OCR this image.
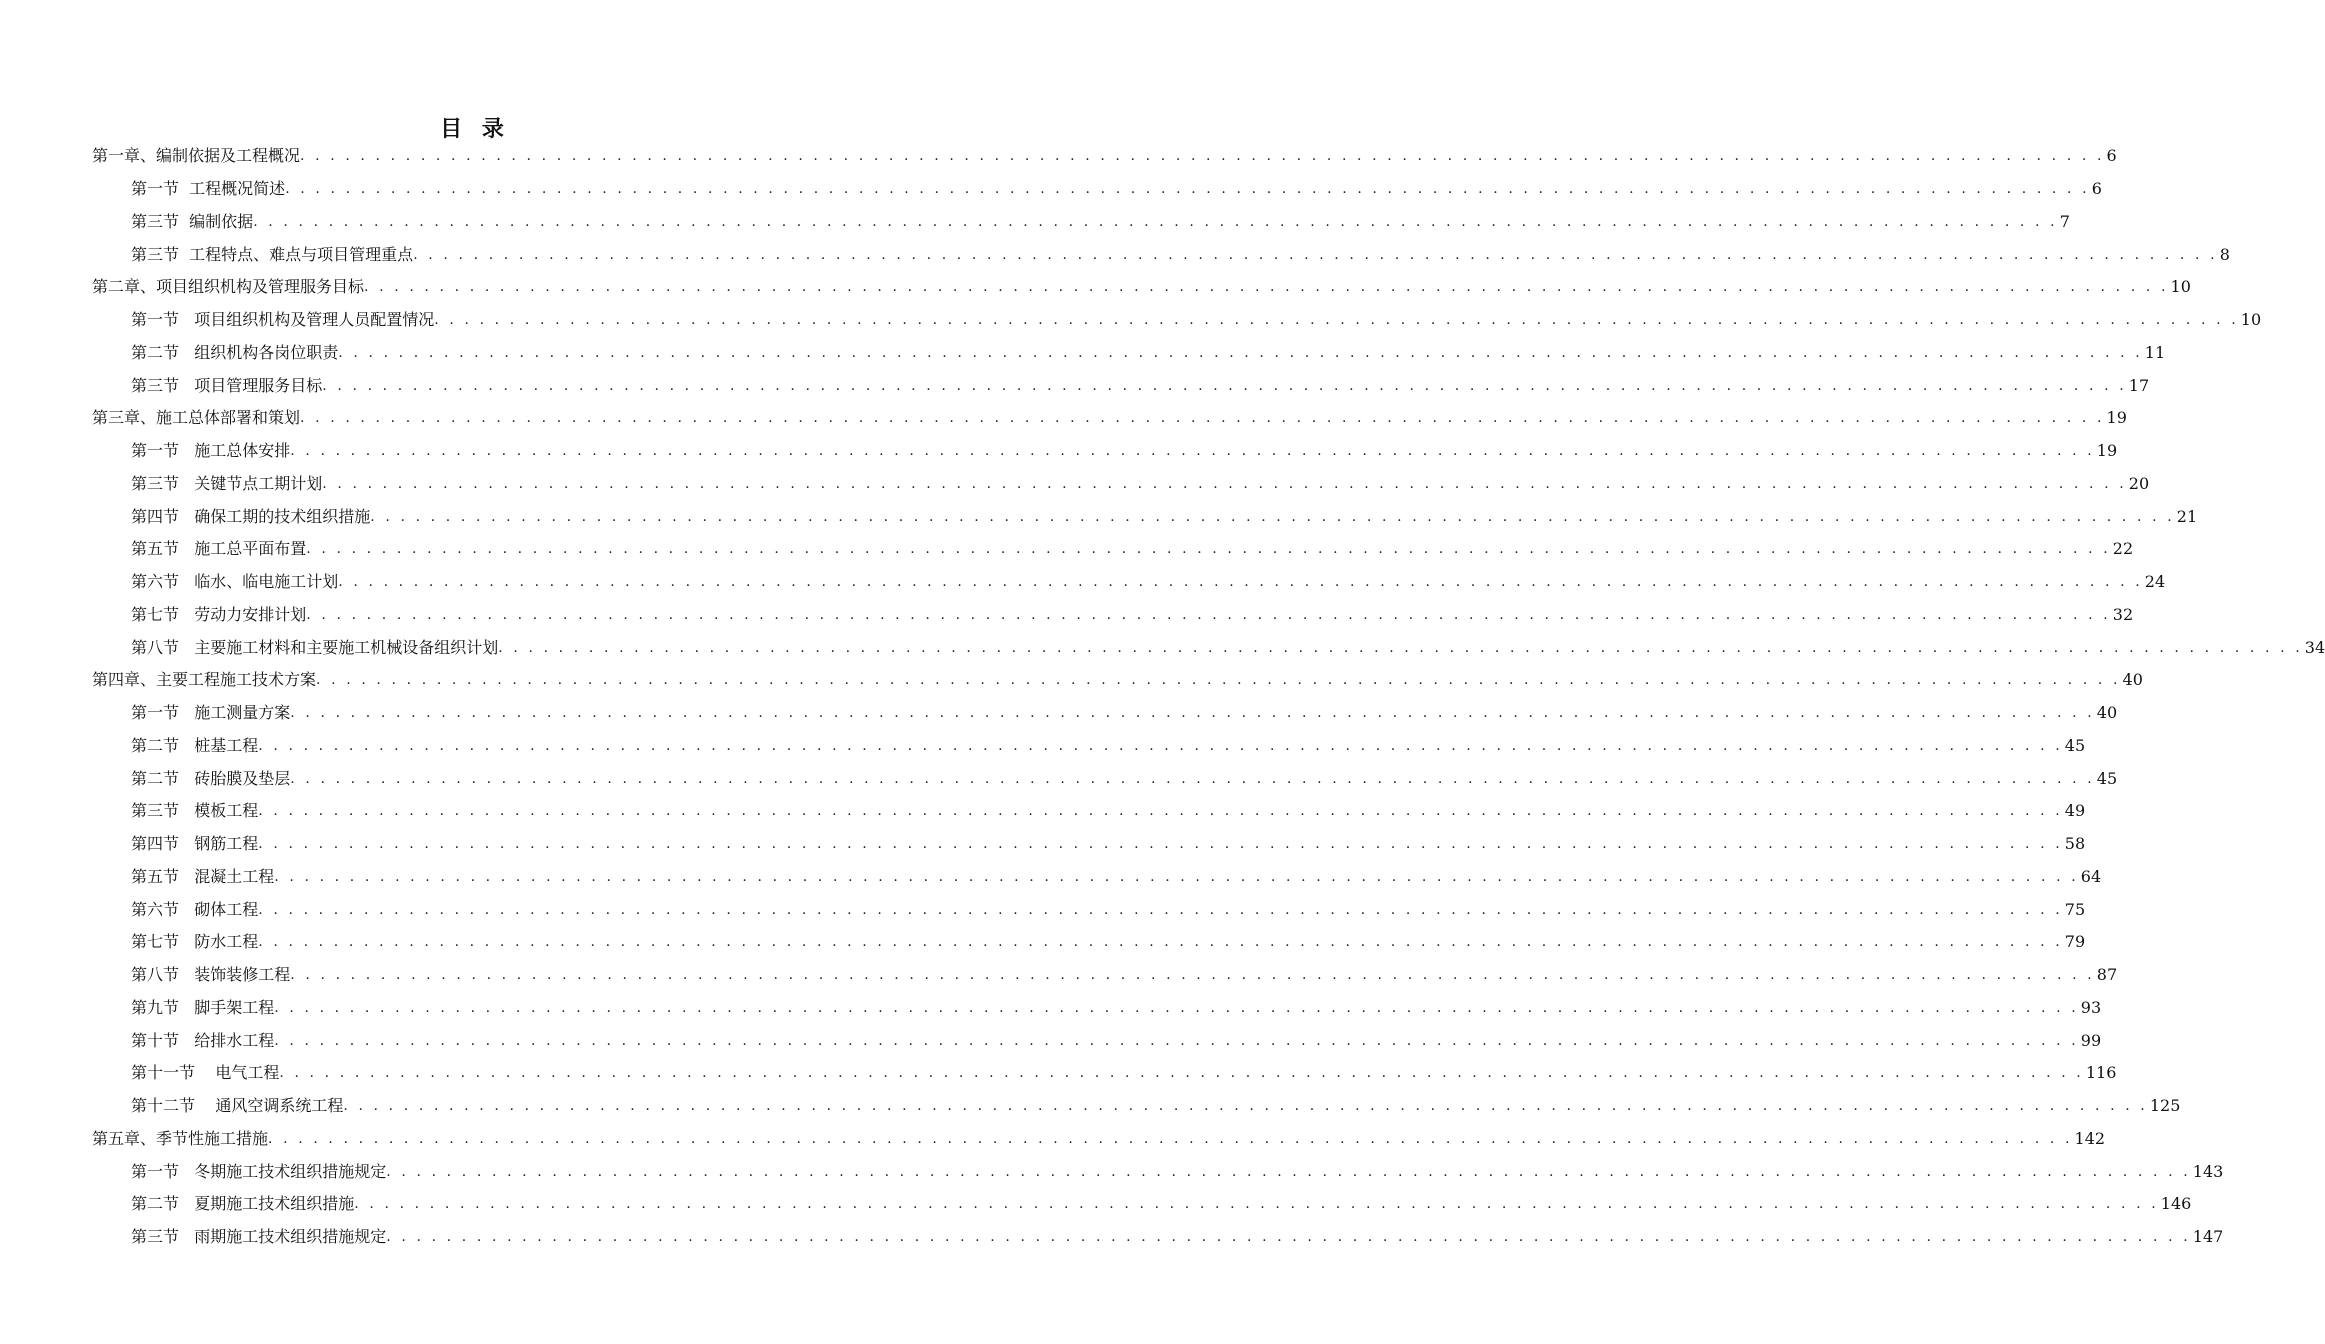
目 录
第一章、编制依据及工程概况 . . . . . . . . . . . . . . . . . . . . . . . . . . . . . . . . . . . . . . . . . . . . . . . . . . . . . . . . . . . . . . . . . . . . . . . . . . . . . . . . . . . . . . . . . . . . . . . . . . . . . . . . . . . . . . . . . . . . . . . . 6
第一节  工程概况简述 . . . . . . . . . . . . . . . . . . . . . . . . . . . . . . . . . . . . . . . . . . . . . . . . . . . . . . . . . . . . . . . . . . . . . . . . . . . . . . . . . . . . . . . . . . . . . . . . . . . . . . . . . . . . . . . . . . . . . . . . 6
第三节  编制依据 . . . . . . . . . . . . . . . . . . . . . . . . . . . . . . . . . . . . . . . . . . . . . . . . . . . . . . . . . . . . . . . . . . . . . . . . . . . . . . . . . . . . . . . . . . . . . . . . . . . . . . . . . . . . . . . . . . . . . . . . 7
第三节  工程特点、难点与项目管理重点 . . . . . . . . . . . . . . . . . . . . . . . . . . . . . . . . . . . . . . . . . . . . . . . . . . . . . . . . . . . . . . . . . . . . . . . . . . . . . . . . . . . . . . . . . . . . . . . . . . . . . . . . . . . . . . . . . . . . . . . . 8
第二章、项目组织机构及管理服务目标 . . . . . . . . . . . . . . . . . . . . . . . . . . . . . . . . . . . . . . . . . . . . . . . . . . . . . . . . . . . . . . . . . . . . . . . . . . . . . . . . . . . . . . . . . . . . . . . . . . . . . . . . . . . . . . . . . . . . . . . . 10
第一节   项目组织机构及管理人员配置情况 . . . . . . . . . . . . . . . . . . . . . . . . . . . . . . . . . . . . . . . . . . . . . . . . . . . . . . . . . . . . . . . . . . . . . . . . . . . . . . . . . . . . . . . . . . . . . . . . . . . . . . . . . . . . . . . . . . . . . . . . 10
第二节   组织机构各岗位职责 . . . . . . . . . . . . . . . . . . . . . . . . . . . . . . . . . . . . . . . . . . . . . . . . . . . . . . . . . . . . . . . . . . . . . . . . . . . . . . . . . . . . . . . . . . . . . . . . . . . . . . . . . . . . . . . . . . . . . . . . 11
第三节   项目管理服务目标 . . . . . . . . . . . . . . . . . . . . . . . . . . . . . . . . . . . . . . . . . . . . . . . . . . . . . . . . . . . . . . . . . . . . . . . . . . . . . . . . . . . . . . . . . . . . . . . . . . . . . . . . . . . . . . . . . . . . . . . . 17
第三章、施工总体部署和策划 . . . . . . . . . . . . . . . . . . . . . . . . . . . . . . . . . . . . . . . . . . . . . . . . . . . . . . . . . . . . . . . . . . . . . . . . . . . . . . . . . . . . . . . . . . . . . . . . . . . . . . . . . . . . . . . . . . . . . . . . 19
第一节   施工总体安排 . . . . . . . . . . . . . . . . . . . . . . . . . . . . . . . . . . . . . . . . . . . . . . . . . . . . . . . . . . . . . . . . . . . . . . . . . . . . . . . . . . . . . . . . . . . . . . . . . . . . . . . . . . . . . . . . . . . . . . . . 19
第三节   关键节点工期计划 . . . . . . . . . . . . . . . . . . . . . . . . . . . . . . . . . . . . . . . . . . . . . . . . . . . . . . . . . . . . . . . . . . . . . . . . . . . . . . . . . . . . . . . . . . . . . . . . . . . . . . . . . . . . . . . . . . . . . . . . 20
第四节   确保工期的技术组织措施 . . . . . . . . . . . . . . . . . . . . . . . . . . . . . . . . . . . . . . . . . . . . . . . . . . . . . . . . . . . . . . . . . . . . . . . . . . . . . . . . . . . . . . . . . . . . . . . . . . . . . . . . . . . . . . . . . . . . . . . . 21
第五节   施工总平面布置 . . . . . . . . . . . . . . . . . . . . . . . . . . . . . . . . . . . . . . . . . . . . . . . . . . . . . . . . . . . . . . . . . . . . . . . . . . . . . . . . . . . . . . . . . . . . . . . . . . . . . . . . . . . . . . . . . . . . . . . . 22
第六节   临水、临电施工计划 . . . . . . . . . . . . . . . . . . . . . . . . . . . . . . . . . . . . . . . . . . . . . . . . . . . . . . . . . . . . . . . . . . . . . . . . . . . . . . . . . . . . . . . . . . . . . . . . . . . . . . . . . . . . . . . . . . . . . . . . 24
第七节   劳动力安排计划 . . . . . . . . . . . . . . . . . . . . . . . . . . . . . . . . . . . . . . . . . . . . . . . . . . . . . . . . . . . . . . . . . . . . . . . . . . . . . . . . . . . . . . . . . . . . . . . . . . . . . . . . . . . . . . . . . . . . . . . . 32
第八节   主要施工材料和主要施工机械设备组织计划 . . . . . . . . . . . . . . . . . . . . . . . . . . . . . . . . . . . . . . . . . . . . . . . . . . . . . . . . . . . . . . . . . . . . . . . . . . . . . . . . . . . . . . . . . . . . . . . . . . . . . . . . . . . . . . . . . . . . . . . . 34
第四章、主要工程施工技术方案 . . . . . . . . . . . . . . . . . . . . . . . . . . . . . . . . . . . . . . . . . . . . . . . . . . . . . . . . . . . . . . . . . . . . . . . . . . . . . . . . . . . . . . . . . . . . . . . . . . . . . . . . . . . . . . . . . . . . . . . . 40
第一节   施工测量方案 . . . . . . . . . . . . . . . . . . . . . . . . . . . . . . . . . . . . . . . . . . . . . . . . . . . . . . . . . . . . . . . . . . . . . . . . . . . . . . . . . . . . . . . . . . . . . . . . . . . . . . . . . . . . . . . . . . . . . . . . 40
第二节   桩基工程 . . . . . . . . . . . . . . . . . . . . . . . . . . . . . . . . . . . . . . . . . . . . . . . . . . . . . . . . . . . . . . . . . . . . . . . . . . . . . . . . . . . . . . . . . . . . . . . . . . . . . . . . . . . . . . . . . . . . . . . . 45
第二节   砖胎膜及垫层 . . . . . . . . . . . . . . . . . . . . . . . . . . . . . . . . . . . . . . . . . . . . . . . . . . . . . . . . . . . . . . . . . . . . . . . . . . . . . . . . . . . . . . . . . . . . . . . . . . . . . . . . . . . . . . . . . . . . . . . . 45
第三节   模板工程 . . . . . . . . . . . . . . . . . . . . . . . . . . . . . . . . . . . . . . . . . . . . . . . . . . . . . . . . . . . . . . . . . . . . . . . . . . . . . . . . . . . . . . . . . . . . . . . . . . . . . . . . . . . . . . . . . . . . . . . . 49
第四节   钢筋工程 . . . . . . . . . . . . . . . . . . . . . . . . . . . . . . . . . . . . . . . . . . . . . . . . . . . . . . . . . . . . . . . . . . . . . . . . . . . . . . . . . . . . . . . . . . . . . . . . . . . . . . . . . . . . . . . . . . . . . . . . 58
第五节   混凝土工程 . . . . . . . . . . . . . . . . . . . . . . . . . . . . . . . . . . . . . . . . . . . . . . . . . . . . . . . . . . . . . . . . . . . . . . . . . . . . . . . . . . . . . . . . . . . . . . . . . . . . . . . . . . . . . . . . . . . . . . . . 64
第六节   砌体工程 . . . . . . . . . . . . . . . . . . . . . . . . . . . . . . . . . . . . . . . . . . . . . . . . . . . . . . . . . . . . . . . . . . . . . . . . . . . . . . . . . . . . . . . . . . . . . . . . . . . . . . . . . . . . . . . . . . . . . . . . 75
第七节   防水工程 . . . . . . . . . . . . . . . . . . . . . . . . . . . . . . . . . . . . . . . . . . . . . . . . . . . . . . . . . . . . . . . . . . . . . . . . . . . . . . . . . . . . . . . . . . . . . . . . . . . . . . . . . . . . . . . . . . . . . . . . 79
第八节   装饰装修工程 . . . . . . . . . . . . . . . . . . . . . . . . . . . . . . . . . . . . . . . . . . . . . . . . . . . . . . . . . . . . . . . . . . . . . . . . . . . . . . . . . . . . . . . . . . . . . . . . . . . . . . . . . . . . . . . . . . . . . . . . 87
第九节   脚手架工程 . . . . . . . . . . . . . . . . . . . . . . . . . . . . . . . . . . . . . . . . . . . . . . . . . . . . . . . . . . . . . . . . . . . . . . . . . . . . . . . . . . . . . . . . . . . . . . . . . . . . . . . . . . . . . . . . . . . . . . . . 93
第十节   给排水工程 . . . . . . . . . . . . . . . . . . . . . . . . . . . . . . . . . . . . . . . . . . . . . . . . . . . . . . . . . . . . . . . . . . . . . . . . . . . . . . . . . . . . . . . . . . . . . . . . . . . . . . . . . . . . . . . . . . . . . . . . 99
第十一节    电气工程 . . . . . . . . . . . . . . . . . . . . . . . . . . . . . . . . . . . . . . . . . . . . . . . . . . . . . . . . . . . . . . . . . . . . . . . . . . . . . . . . . . . . . . . . . . . . . . . . . . . . . . . . . . . . . . . . . . . . . . . . 116
第十二节    通风空调系统工程 . . . . . . . . . . . . . . . . . . . . . . . . . . . . . . . . . . . . . . . . . . . . . . . . . . . . . . . . . . . . . . . . . . . . . . . . . . . . . . . . . . . . . . . . . . . . . . . . . . . . . . . . . . . . . . . . . . . . . . . . 125
第五章、季节性施工措施 . . . . . . . . . . . . . . . . . . . . . . . . . . . . . . . . . . . . . . . . . . . . . . . . . . . . . . . . . . . . . . . . . . . . . . . . . . . . . . . . . . . . . . . . . . . . . . . . . . . . . . . . . . . . . . . . . . . . . . . . 142
第一节   冬期施工技术组织措施规定 . . . . . . . . . . . . . . . . . . . . . . . . . . . . . . . . . . . . . . . . . . . . . . . . . . . . . . . . . . . . . . . . . . . . . . . . . . . . . . . . . . . . . . . . . . . . . . . . . . . . . . . . . . . . . . . . . . . . . . . . 143
第二节   夏期施工技术组织措施 . . . . . . . . . . . . . . . . . . . . . . . . . . . . . . . . . . . . . . . . . . . . . . . . . . . . . . . . . . . . . . . . . . . . . . . . . . . . . . . . . . . . . . . . . . . . . . . . . . . . . . . . . . . . . . . . . . . . . . . . 146
第三节   雨期施工技术组织措施规定 . . . . . . . . . . . . . . . . . . . . . . . . . . . . . . . . . . . . . . . . . . . . . . . . . . . . . . . . . . . . . . . . . . . . . . . . . . . . . . . . . . . . . . . . . . . . . . . . . . . . . . . . . . . . . . . . . . . . . . . . 147
